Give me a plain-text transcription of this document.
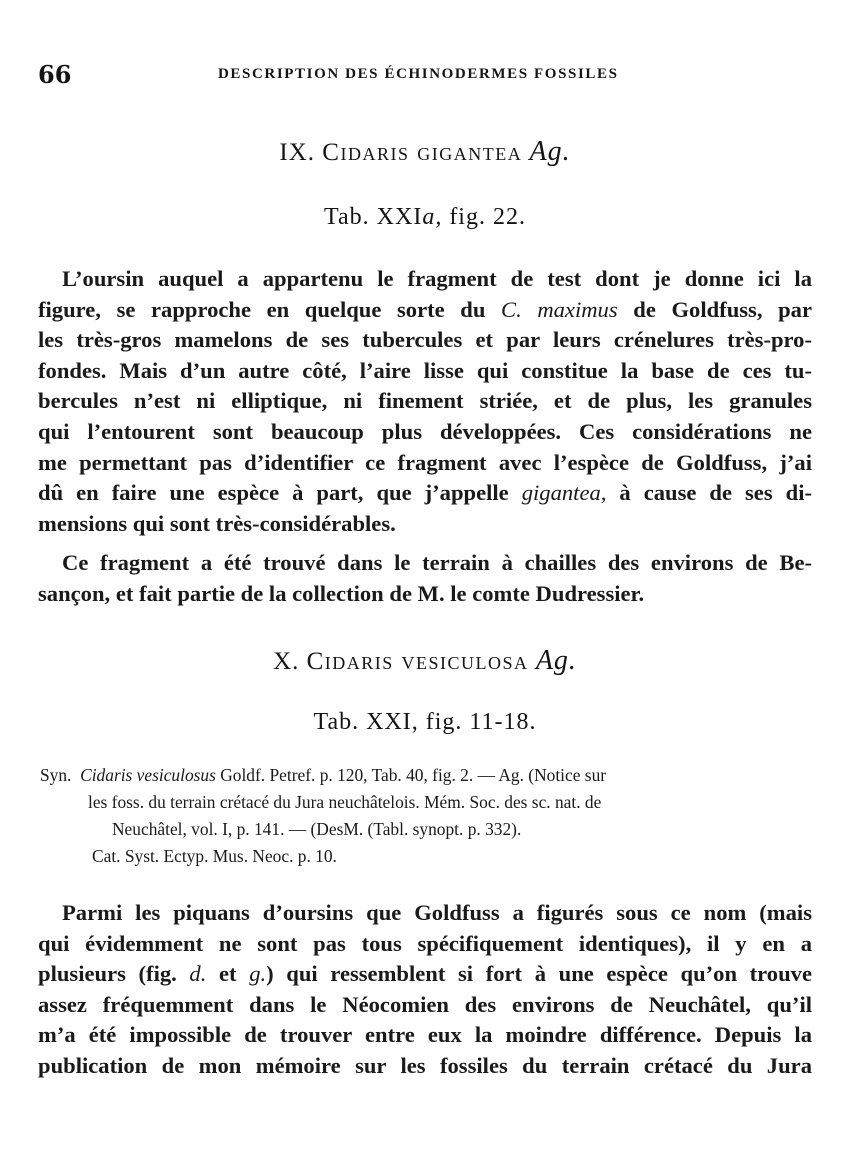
66	DESCRIPTION DES ÉCHINODERMES FOSSILES
IX. Cidaris gigantea Ag.
Tab. XXIa, fig. 22.
L’oursin auquel a appartenu le fragment de test dont je donne ici la
figure, se rapproche en quelque sorte du C. maximus de Goldfuss, par
les très-gros mamelons de ses tubercules et par leurs crénelures très-pro-
fondes. Mais d’un autre côté, l’aire lisse qui constitue la base de ces tu-
bercules n’est ni elliptique, ni finement striée, et de plus, les granules
qui l’entourent sont beaucoup plus développées. Ces considérations ne
me permettant pas d’identifier ce fragment avec l’espèce de Goldfuss, j’ai
dû en faire une espèce à part, que j’appelle gigantea, à cause de ses di-
mensions qui sont très-considérables.
Ce fragment a été trouvé dans le terrain à chailles des environs de Be-
sançon, et fait partie de la collection de M. le comte Dudressier.
X. Cidaris vesiculosa Ag.
Tab. XXI, fig. 11-18.
Syn. Cidaris vesiculosus Goldf. Petref. p. 120, Tab. 40, fig. 2. — Ag. (Notice sur
les foss. du terrain crétacé du Jura neuchâtelois. Mém. Soc. des sc. nat. de
Neuchâtel, vol. I, p. 141. — (DesM. (Tabl. synopt. p. 332).
Cat. Syst. Ectyp. Mus. Neoc. p. 10.
Parmi les piquans d’oursins que Goldfuss a figurés sous ce nom (mais
qui évidemment ne sont pas tous spécifiquement identiques), il y en a
plusieurs (fig. d. et g.) qui ressemblent si fort à une espèce qu’on trouve
assez fréquemment dans le Néocomien des environs de Neuchâtel, qu’il
m’a été impossible de trouver entre eux la moindre différence. Depuis la
publication de mon mémoire sur les fossiles du terrain crétacé du Jura
